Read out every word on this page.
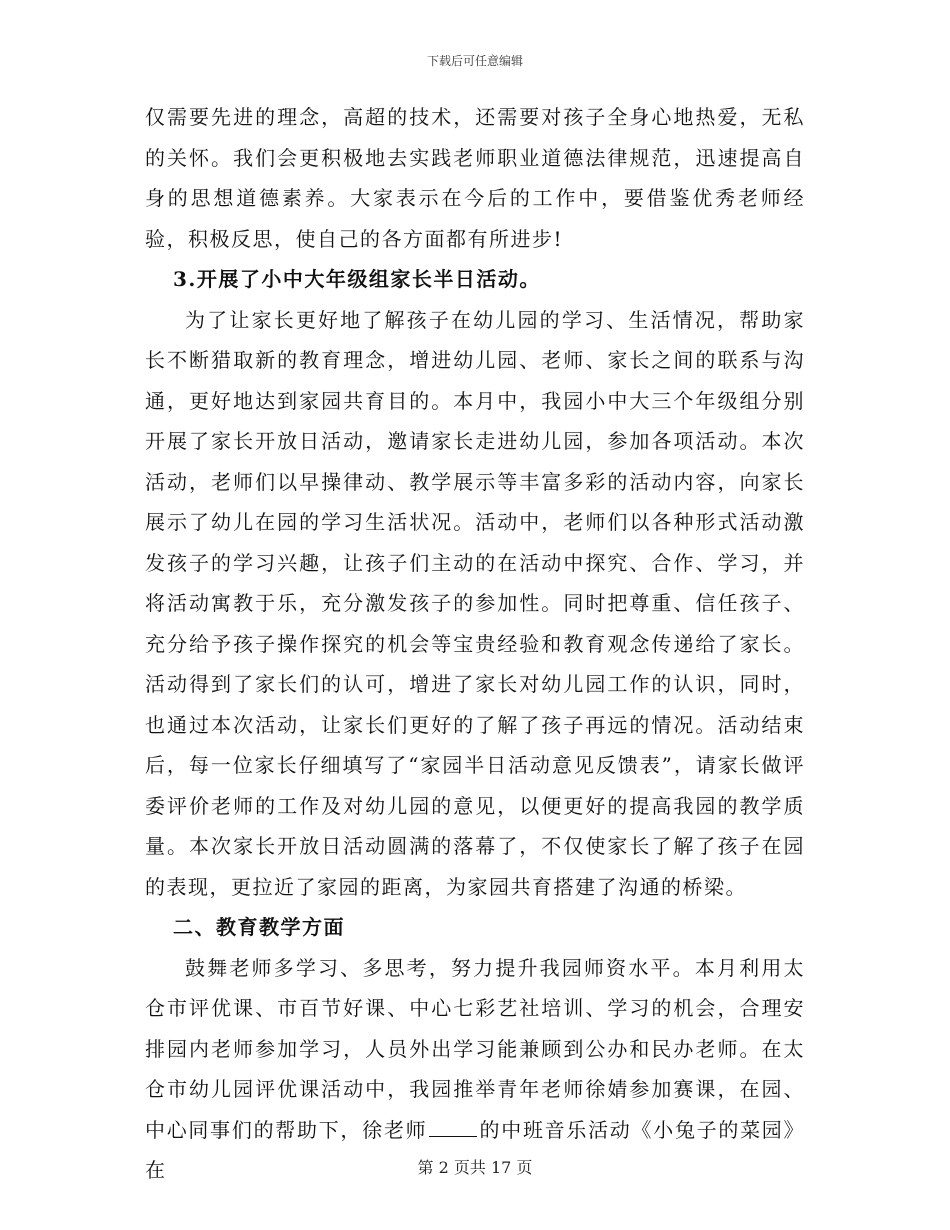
下载后可任意编辑

仅需要先进的理念，高超的技术，还需要对孩子全身心地热爱，无私的关怀。我们会更积极地去实践老师职业道德法律规范，迅速提高自身的思想道德素养。大家表示在今后的工作中，要借鉴优秀老师经验，积极反思，使自己的各方面都有所进步!

3.开展了小中大年级组家长半日活动。

为了让家长更好地了解孩子在幼儿园的学习、生活情况，帮助家长不断猎取新的教育理念，增进幼儿园、老师、家长之间的联系与沟通，更好地达到家园共育目的。本月中，我园小中大三个年级组分别开展了家长开放日活动，邀请家长走进幼儿园，参加各项活动。本次活动，老师们以早操律动、教学展示等丰富多彩的活动内容，向家长展示了幼儿在园的学习生活状况。活动中，老师们以各种形式活动激发孩子的学习兴趣，让孩子们主动的在活动中探究、合作、学习，并将活动寓教于乐，充分激发孩子的参加性。同时把尊重、信任孩子、充分给予孩子操作探究的机会等宝贵经验和教育观念传递给了家长。活动得到了家长们的认可，增进了家长对幼儿园工作的认识，同时，也通过本次活动，让家长们更好的了解了孩子再远的情况。活动结束后，每一位家长仔细填写了“家园半日活动意见反馈表”，请家长做评委评价老师的工作及对幼儿园的意见，以便更好的提高我园的教学质量。本次家长开放日活动圆满的落幕了，不仅使家长了解了孩子在园的表现，更拉近了家园的距离，为家园共育搭建了沟通的桥梁。

二、教育教学方面

鼓舞老师多学习、多思考，努力提升我园师资水平。本月利用太仓市评优课、市百节好课、中心七彩艺社培训、学习的机会，合理安排园内老师参加学习，人员外出学习能兼顾到公办和民办老师。在太仓市幼儿园评优课活动中，我园推举青年老师徐婧参加赛课，在园、中心同事们的帮助下，徐老师	的中班音乐活动《小兔子的菜园》在	第 2 页共 17 页
